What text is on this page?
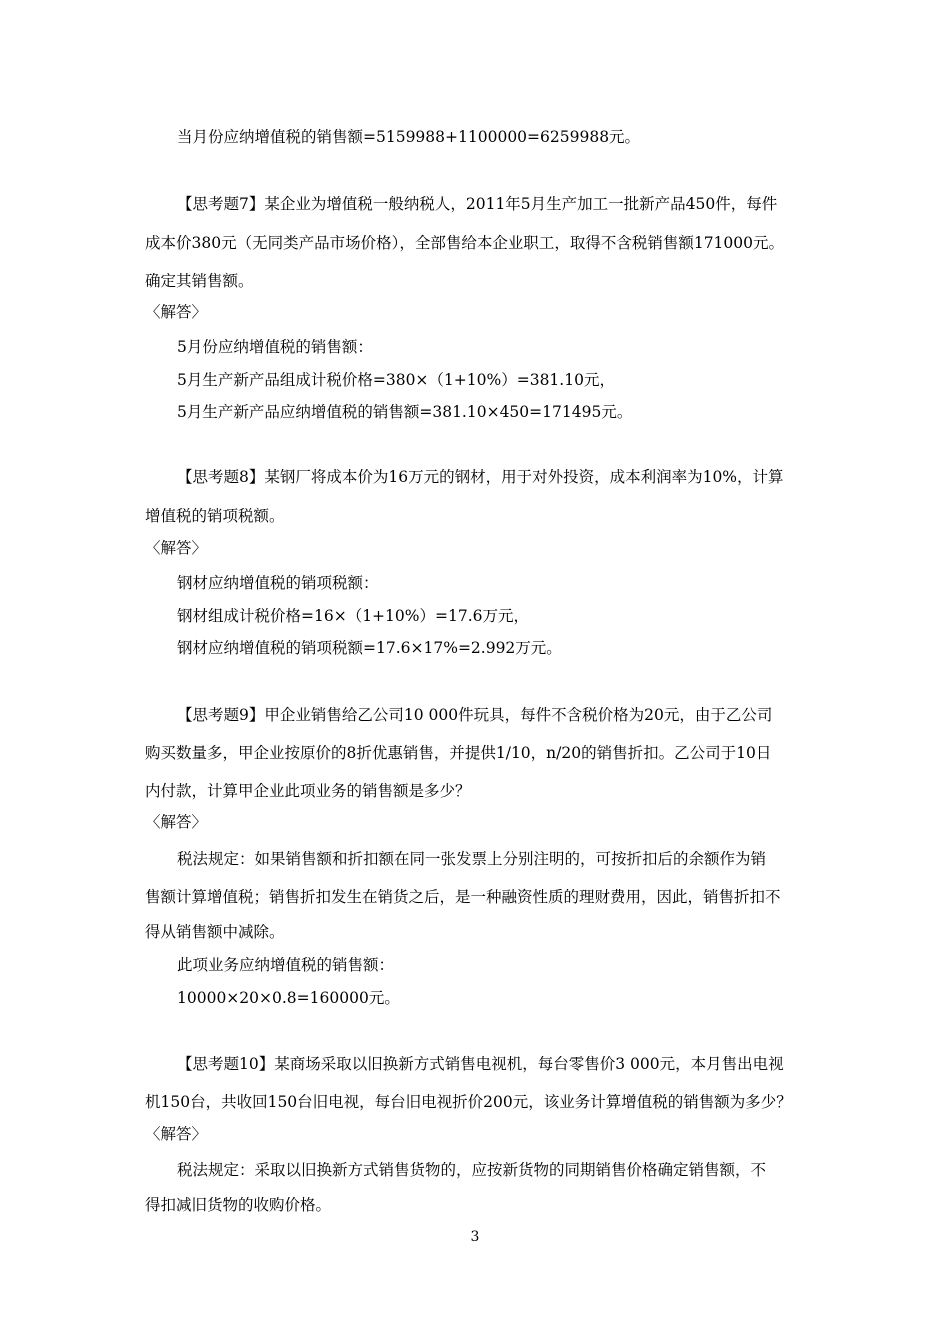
当月份应纳增值税的销售额=5159988+1100000=6259988元。
【思考题7】某企业为增值税一般纳税人，2011年5月生产加工一批新产品450件，每件
成本价380元（无同类产品市场价格），全部售给本企业职工，取得不含税销售额171000元。
确定其销售额。
〈解答〉
5月份应纳增值税的销售额：
5月生产新产品组成计税价格=380×（1+10%）=381.10元，
5月生产新产品应纳增值税的销售额=381.10×450=171495元。
【思考题8】某钢厂将成本价为16万元的钢材，用于对外投资，成本利润率为10%，计算
增值税的销项税额。
〈解答〉
钢材应纳增值税的销项税额：
钢材组成计税价格=16×（1+10%）=17.6万元，
钢材应纳增值税的销项税额=17.6×17%=2.992万元。
【思考题9】甲企业销售给乙公司10 000件玩具，每件不含税价格为20元，由于乙公司
购买数量多，甲企业按原价的8折优惠销售，并提供1/10，n/20的销售折扣。乙公司于10日
内付款，计算甲企业此项业务的销售额是多少？
〈解答〉
税法规定：如果销售额和折扣额在同一张发票上分别注明的，可按折扣后的余额作为销
售额计算增值税；销售折扣发生在销货之后，是一种融资性质的理财费用，因此，销售折扣不
得从销售额中减除。
此项业务应纳增值税的销售额：
10000×20×0.8=160000元。
【思考题10】某商场采取以旧换新方式销售电视机，每台零售价3 000元，本月售出电视
机150台，共收回150台旧电视，每台旧电视折价200元，该业务计算增值税的销售额为多少？
〈解答〉
税法规定：采取以旧换新方式销售货物的，应按新货物的同期销售价格确定销售额，不
得扣减旧货物的收购价格。
3
